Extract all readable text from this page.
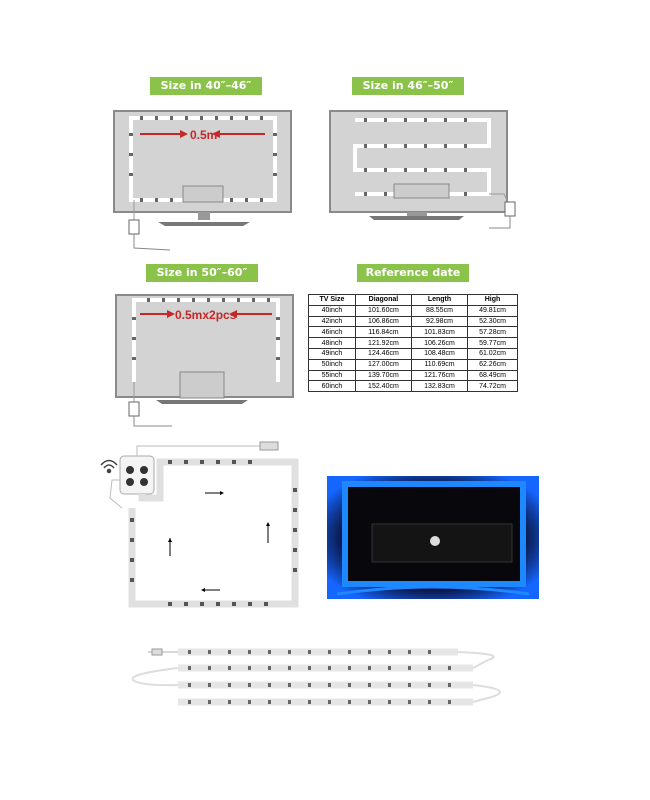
Size in 40″–46″	Size in 46″–50″
Size in 50″–60″	Reference date
0.5m
0.5mx2pcs
TV Size	Diagonal	Length	High
40inch	101.60cm	88.55cm	49.81cm
42inch	106.86cm	92.98cm	52.30cm
46inch	116.84cm	101.83cm	57.28cm
48inch	121.92cm	106.26cm	59.77cm
49inch	124.46cm	108.48cm	61.02cm
50inch	127.00cm	110.69cm	62.26cm
55inch	139.70cm	121.76cm	68.49cm
60inch	152.40cm	132.83cm	74.72cm
